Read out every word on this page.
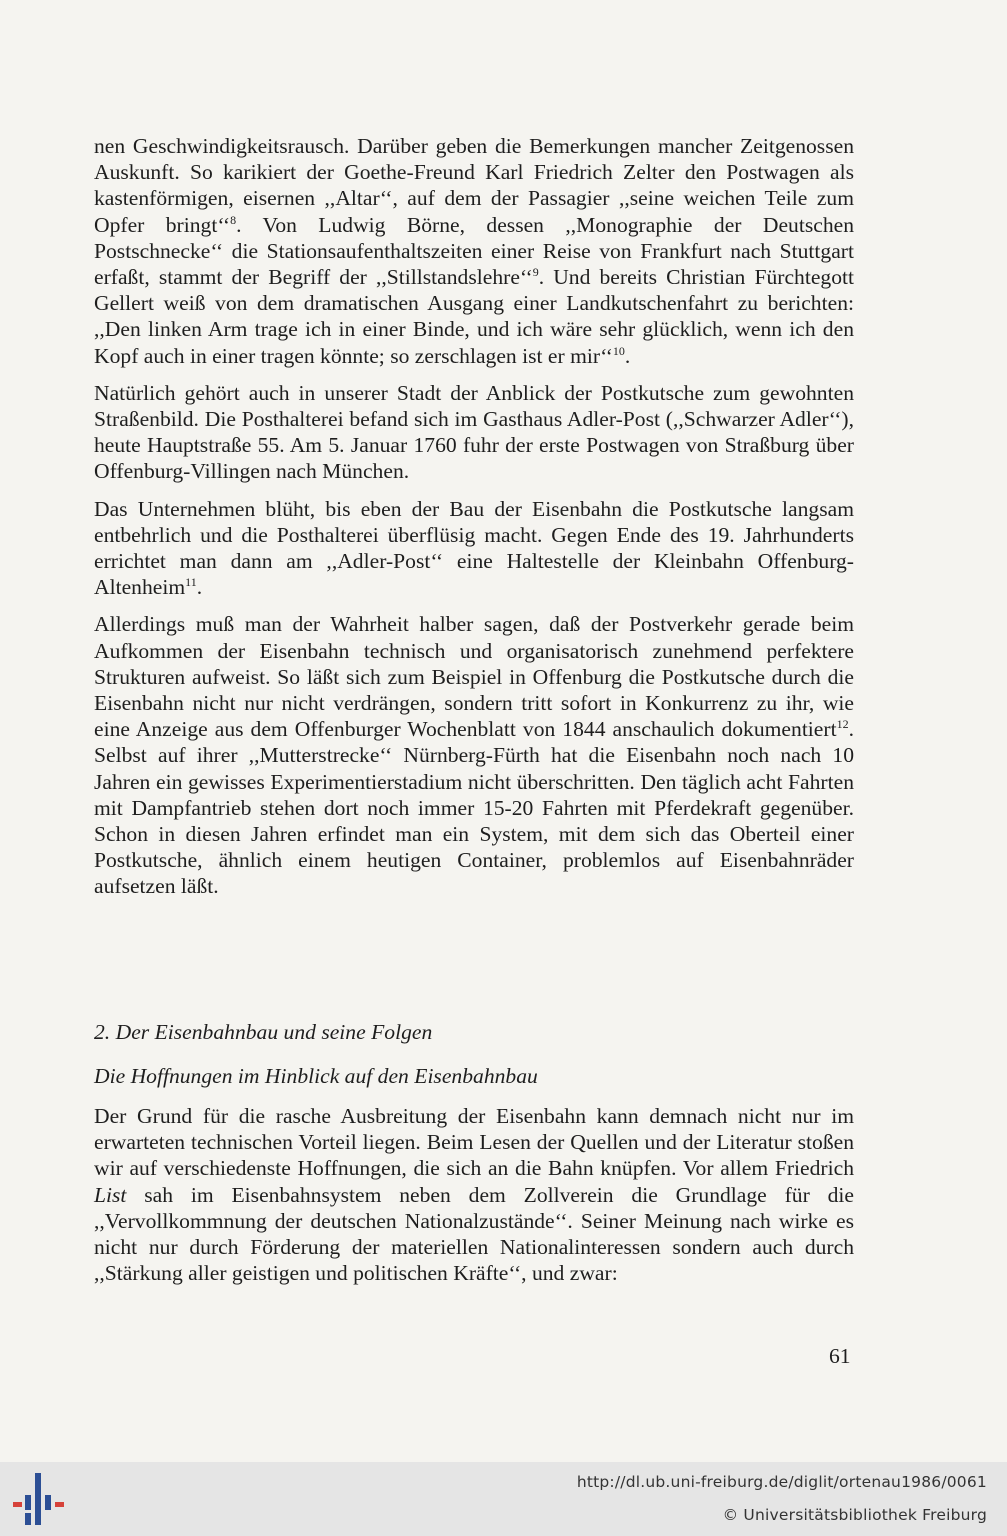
nen Geschwindigkeitsrausch. Darüber geben die Bemerkungen mancher Zeitgenossen Auskunft. So karikiert der Goethe-Freund Karl Friedrich Zelter den Postwagen als kastenförmigen, eisernen ,,Altar‘‘, auf dem der Passagier ,,seine weichen Teile zum Opfer bringt‘‘$^8$. Von Ludwig Börne, dessen ,,Monographie der Deutschen Postschnecke‘‘ die Stationsaufenthaltszeiten einer Reise von Frankfurt nach Stuttgart erfaßt, stammt der Begriff der ,,Stillstandslehre‘‘$^9$. Und bereits Christian Fürchtegott Gellert weiß von dem dramatischen Ausgang einer Landkutschenfahrt zu berichten: ,,Den linken Arm trage ich in einer Binde, und ich wäre sehr glücklich, wenn ich den Kopf auch in einer tragen könnte; so zerschlagen ist er mir‘‘$^{10}$.

Natürlich gehört auch in unserer Stadt der Anblick der Postkutsche zum gewohnten Straßenbild. Die Posthalterei befand sich im Gasthaus Adler-Post (,,Schwarzer Adler‘‘), heute Hauptstraße 55. Am 5. Januar 1760 fuhr der erste Postwagen von Straßburg über Offenburg-Villingen nach München.

Das Unternehmen blüht, bis eben der Bau der Eisenbahn die Postkutsche langsam entbehrlich und die Posthalterei überflüsig macht. Gegen Ende des 19. Jahrhunderts errichtet man dann am ,,Adler-Post‘‘ eine Haltestelle der Kleinbahn Offenburg-Altenheim$^{11}$.

Allerdings muß man der Wahrheit halber sagen, daß der Postverkehr gerade beim Aufkommen der Eisenbahn technisch und organisatorisch zunehmend perfektere Strukturen aufweist. So läßt sich zum Beispiel in Offenburg die Postkutsche durch die Eisenbahn nicht nur nicht verdrängen, sondern tritt sofort in Konkurrenz zu ihr, wie eine Anzeige aus dem Offenburger Wochenblatt von 1844 anschaulich dokumentiert$^{12}$. Selbst auf ihrer ,,Mutterstrecke‘‘ Nürnberg-Fürth hat die Eisenbahn noch nach 10 Jahren ein gewisses Experimentierstadium nicht überschritten. Den täglich acht Fahrten mit Dampfantrieb stehen dort noch immer 15-20 Fahrten mit Pferdekraft gegenüber. Schon in diesen Jahren erfindet man ein System, mit dem sich das Oberteil einer Postkutsche, ähnlich einem heutigen Container, problemlos auf Eisenbahnräder aufsetzen läßt.

2. Der Eisenbahnbau und seine Folgen
Die Hoffnungen im Hinblick auf den Eisenbahnbau

Der Grund für die rasche Ausbreitung der Eisenbahn kann demnach nicht nur im erwarteten technischen Vorteil liegen. Beim Lesen der Quellen und der Literatur stoßen wir auf verschiedenste Hoffnungen, die sich an die Bahn knüpfen. Vor allem Friedrich List sah im Eisenbahnsystem neben dem Zollverein die Grundlage für die ,,Vervollkommnung der deutschen Nationalzustände‘‘. Seiner Meinung nach wirke es nicht nur durch Förderung der materiellen Nationalinteressen sondern auch durch ,,Stärkung aller geistigen und politischen Kräfte‘‘, und zwar:

61
http://dl.ub.uni-freiburg.de/diglit/ortenau1986/0061
© Universitätsbibliothek Freiburg
